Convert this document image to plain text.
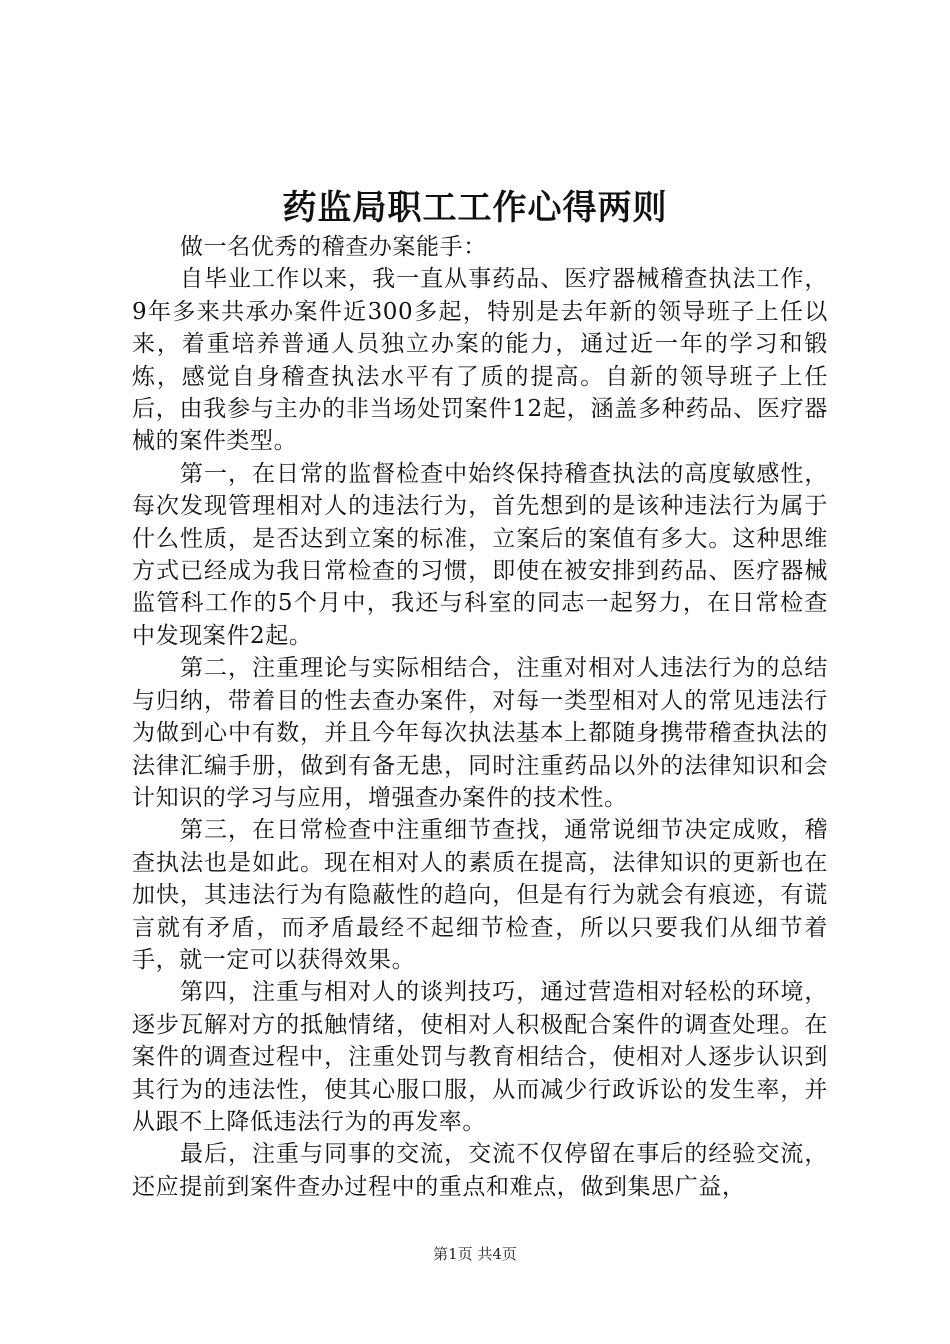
药监局职工工作心得两则

做一名优秀的稽查办案能手：

自毕业工作以来，我一直从事药品、医疗器械稽查执法工作，9年多来共承办案件近300多起，特别是去年新的领导班子上任以来，着重培养普通人员独立办案的能力，通过近一年的学习和锻炼，感觉自身稽查执法水平有了质的提高。自新的领导班子上任后，由我参与主办的非当场处罚案件12起，涵盖多种药品、医疗器械的案件类型。

第一，在日常的监督检查中始终保持稽查执法的高度敏感性，每次发现管理相对人的违法行为，首先想到的是该种违法行为属于什么性质，是否达到立案的标准，立案后的案值有多大。这种思维方式已经成为我日常检查的习惯，即使在被安排到药品、医疗器械监管科工作的5个月中，我还与科室的同志一起努力，在日常检查中发现案件2起。

第二，注重理论与实际相结合，注重对相对人违法行为的总结与归纳，带着目的性去查办案件，对每一类型相对人的常见违法行为做到心中有数，并且今年每次执法基本上都随身携带稽查执法的法律汇编手册，做到有备无患，同时注重药品以外的法律知识和会计知识的学习与应用，增强查办案件的技术性。

第三，在日常检查中注重细节查找，通常说细节决定成败，稽查执法也是如此。现在相对人的素质在提高，法律知识的更新也在加快，其违法行为有隐蔽性的趋向，但是有行为就会有痕迹，有谎言就有矛盾，而矛盾最经不起细节检查，所以只要我们从细节着手，就一定可以获得效果。

第四，注重与相对人的谈判技巧，通过营造相对轻松的环境，逐步瓦解对方的抵触情绪，使相对人积极配合案件的调查处理。在案件的调查过程中，注重处罚与教育相结合，使相对人逐步认识到其行为的违法性，使其心服口服，从而减少行政诉讼的发生率，并从跟不上降低违法行为的再发率。

最后，注重与同事的交流，交流不仅停留在事后的经验交流，还应提前到案件查办过程中的重点和难点，做到集思广益，

第1页 共4页
